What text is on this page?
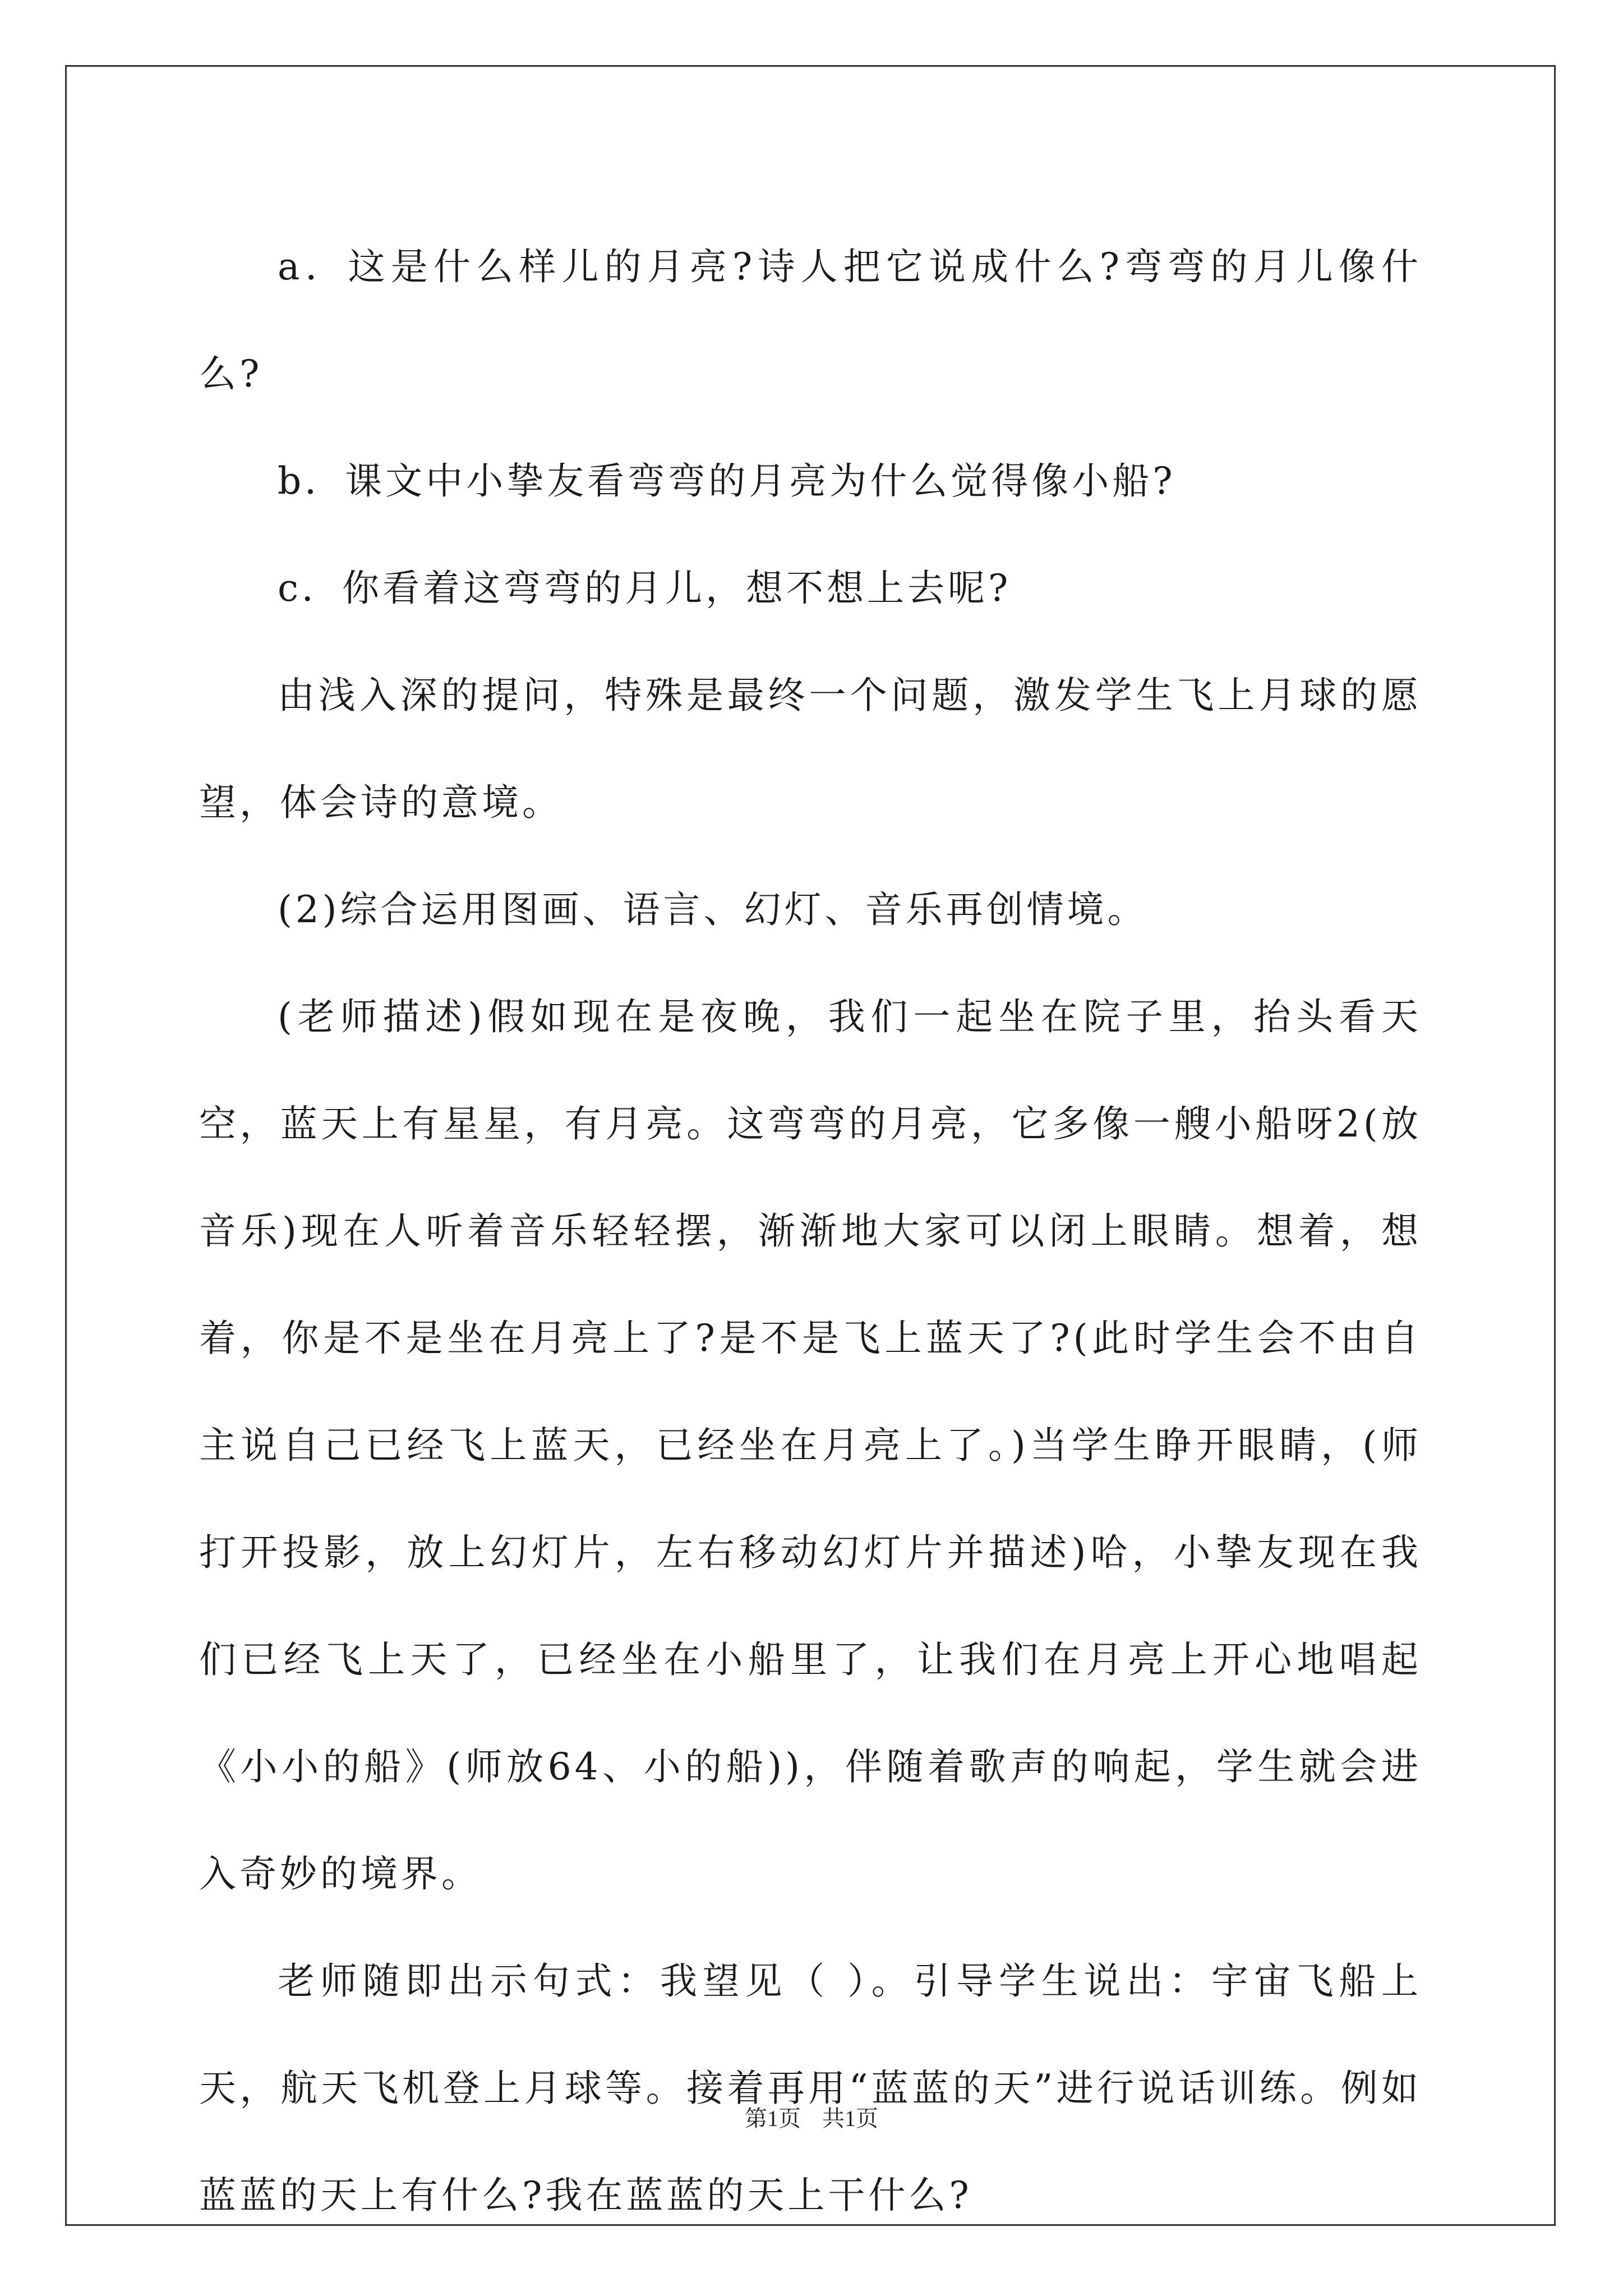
a．这是什么样儿的月亮?诗人把它说成什么?弯弯的月儿像什么?

b．课文中小挚友看弯弯的月亮为什么觉得像小船?

c．你看着这弯弯的月儿，想不想上去呢?

由浅入深的提问，特殊是最终一个问题，激发学生飞上月球的愿望，体会诗的意境。

(2)综合运用图画、语言、幻灯、音乐再创情境。

(老师描述)假如现在是夜晚，我们一起坐在院子里，抬头看天空，蓝天上有星星，有月亮。这弯弯的月亮，它多像一艘小船呀2(放音乐)现在人听着音乐轻轻摆，渐渐地大家可以闭上眼睛。想着，想着，你是不是坐在月亮上了?是不是飞上蓝天了?(此时学生会不由自主说自己已经飞上蓝天，已经坐在月亮上了。)当学生睁开眼睛，(师打开投影，放上幻灯片，左右移动幻灯片并描述)哈，小挚友现在我们已经飞上天了，已经坐在小船里了，让我们在月亮上开心地唱起《小小的船》(师放64、小的船))，伴随着歌声的响起，学生就会进入奇妙的境界。

老师随即出示句式：我望见（ ）。引导学生说出：宇宙飞船上天，航天飞机登上月球等。接着再用“蓝蓝的天”进行说话训练。例如蓝蓝的天上有什么?我在蓝蓝的天上干什么?

第1页 共1页
